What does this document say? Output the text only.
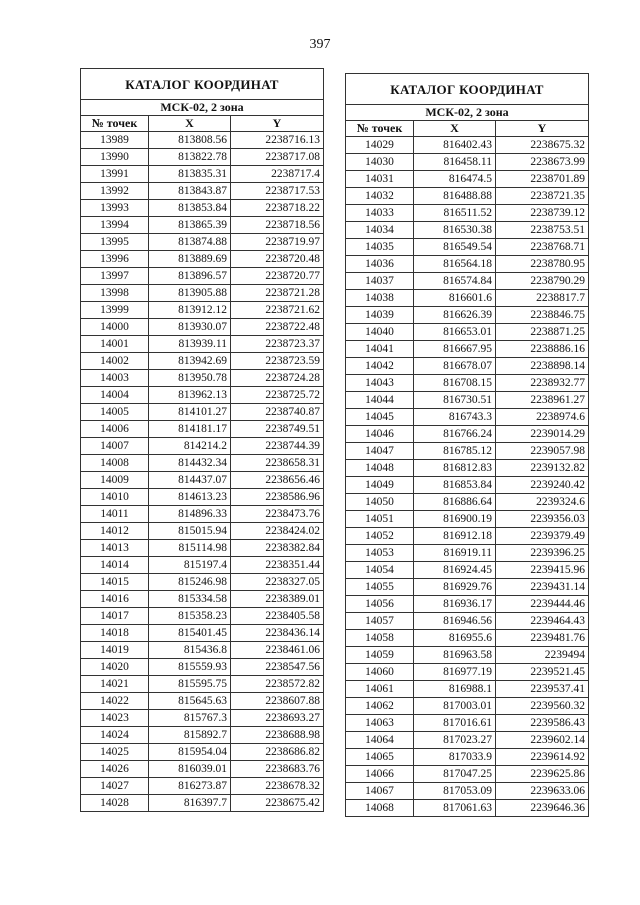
397
КАТАЛОГ КООРДИНАТ		
МСК-02, 2 зона		
№ точек	X	Y
13989	813808.56	2238716.13
13990	813822.78	2238717.08
13991	813835.31	2238717.4
13992	813843.87	2238717.53
13993	813853.84	2238718.22
13994	813865.39	2238718.56
13995	813874.88	2238719.97
13996	813889.69	2238720.48
13997	813896.57	2238720.77
13998	813905.88	2238721.28
13999	813912.12	2238721.62
14000	813930.07	2238722.48
14001	813939.11	2238723.37
14002	813942.69	2238723.59
14003	813950.78	2238724.28
14004	813962.13	2238725.72
14005	814101.27	2238740.87
14006	814181.17	2238749.51
14007	814214.2	2238744.39
14008	814432.34	2238658.31
14009	814437.07	2238656.46
14010	814613.23	2238586.96
14011	814896.33	2238473.76
14012	815015.94	2238424.02
14013	815114.98	2238382.84
14014	815197.4	2238351.44
14015	815246.98	2238327.05
14016	815334.58	2238389.01
14017	815358.23	2238405.58
14018	815401.45	2238436.14
14019	815436.8	2238461.06
14020	815559.93	2238547.56
14021	815595.75	2238572.82
14022	815645.63	2238607.88
14023	815767.3	2238693.27
14024	815892.7	2238688.98
14025	815954.04	2238686.82
14026	816039.01	2238683.76
14027	816273.87	2238678.32
14028	816397.7	2238675.42
КАТАЛОГ КООРДИНАТ		
МСК-02, 2 зона		
№ точек	X	Y
14029	816402.43	2238675.32
14030	816458.11	2238673.99
14031	816474.5	2238701.89
14032	816488.88	2238721.35
14033	816511.52	2238739.12
14034	816530.38	2238753.51
14035	816549.54	2238768.71
14036	816564.18	2238780.95
14037	816574.84	2238790.29
14038	816601.6	2238817.7
14039	816626.39	2238846.75
14040	816653.01	2238871.25
14041	816667.95	2238886.16
14042	816678.07	2238898.14
14043	816708.15	2238932.77
14044	816730.51	2238961.27
14045	816743.3	2238974.6
14046	816766.24	2239014.29
14047	816785.12	2239057.98
14048	816812.83	2239132.82
14049	816853.84	2239240.42
14050	816886.64	2239324.6
14051	816900.19	2239356.03
14052	816912.18	2239379.49
14053	816919.11	2239396.25
14054	816924.45	2239415.96
14055	816929.76	2239431.14
14056	816936.17	2239444.46
14057	816946.56	2239464.43
14058	816955.6	2239481.76
14059	816963.58	2239494
14060	816977.19	2239521.45
14061	816988.1	2239537.41
14062	817003.01	2239560.32
14063	817016.61	2239586.43
14064	817023.27	2239602.14
14065	817033.9	2239614.92
14066	817047.25	2239625.86
14067	817053.09	2239633.06
14068	817061.63	2239646.36
